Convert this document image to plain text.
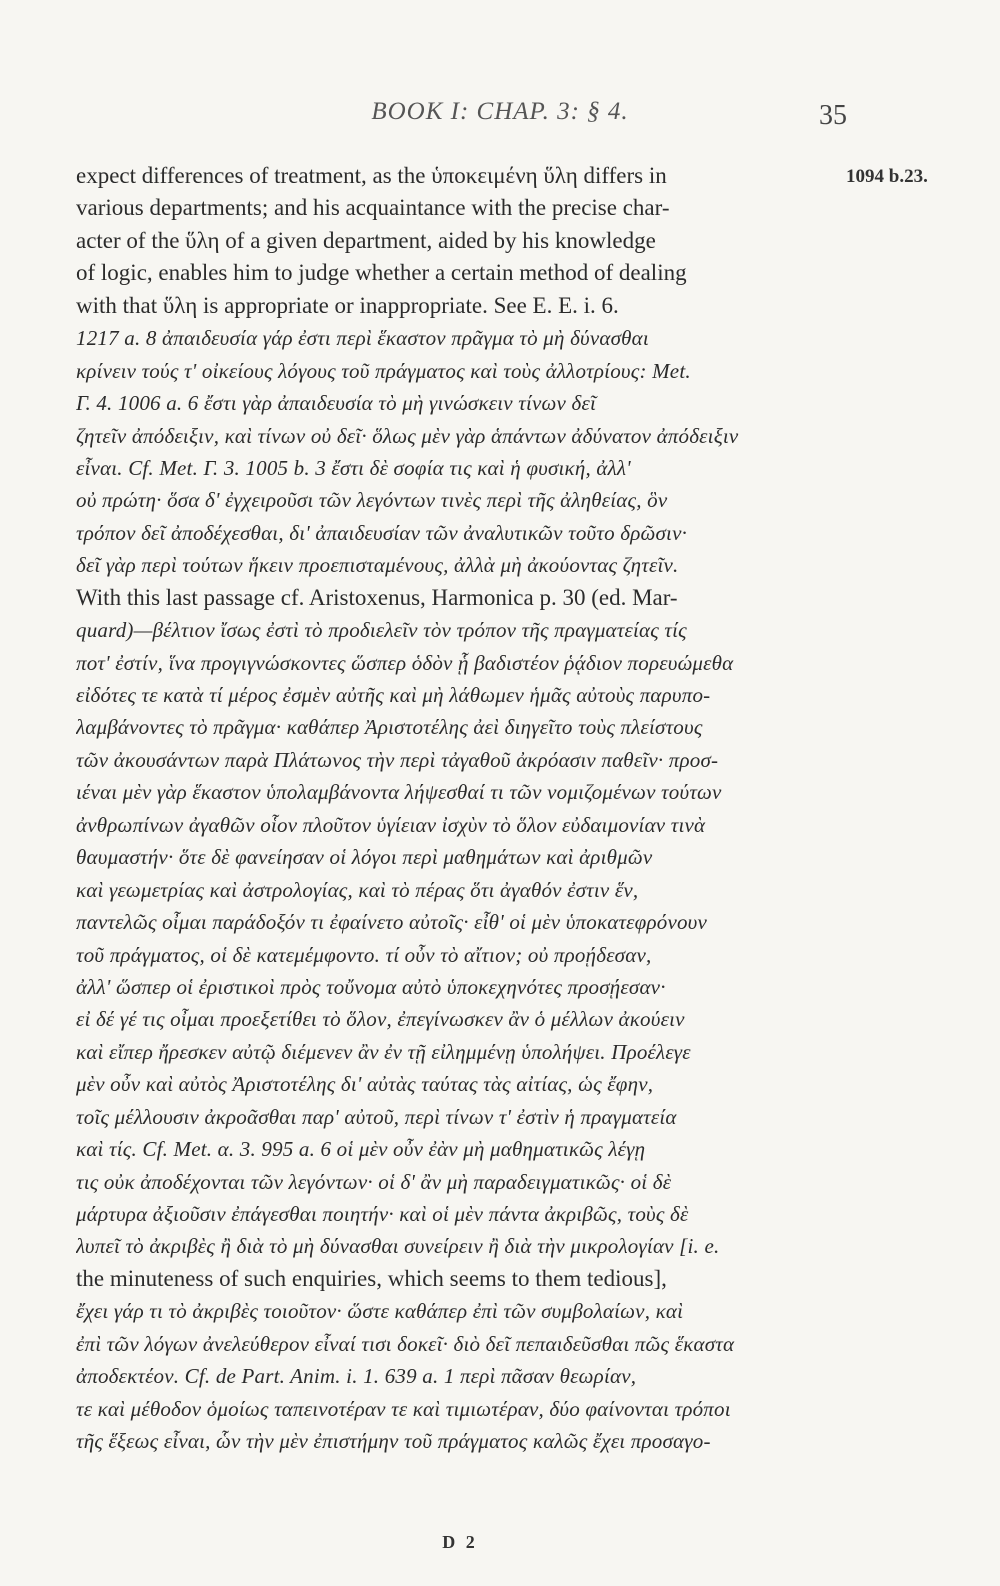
BOOK I: CHAP. 3: § 4.	35
1094 b.23.
expect differences of treatment, as the ὑποκειμένη ὕλη differs in
various departments; and his acquaintance with the precise char-
acter of the ὕλη of a given department, aided by his knowledge
of logic, enables him to judge whether a certain method of dealing
with that ὕλη is appropriate or inappropriate. See E. E. i. 6.
1217 a. 8 ἀπαιδευσία γάρ ἐστι περὶ ἕκαστον πρᾶγμα τὸ μὴ δύνασθαι
κρίνειν τούς τ' οἰκείους λόγους τοῦ πράγματος καὶ τοὺς ἀλλοτρίους: Met.
Γ. 4. 1006 a. 6 ἔστι γὰρ ἀπαιδευσία τὸ μὴ γινώσκειν τίνων δεῖ
ζητεῖν ἀπόδειξιν, καὶ τίνων οὐ δεῖ· ὅλως μὲν γὰρ ἁπάντων ἀδύνατον ἀπόδειξιν
εἶναι. Cf. Met. Γ. 3. 1005 b. 3 ἔστι δὲ σοφία τις καὶ ἡ φυσική, ἀλλ'
οὐ πρώτη· ὅσα δ' ἐγχειροῦσι τῶν λεγόντων τινὲς περὶ τῆς ἀληθείας, ὃν
τρόπον δεῖ ἀποδέχεσθαι, δι' ἀπαιδευσίαν τῶν ἀναλυτικῶν τοῦτο δρῶσιν·
δεῖ γὰρ περὶ τούτων ἥκειν προεπισταμένους, ἀλλὰ μὴ ἀκούοντας ζητεῖν.
With this last passage cf. Aristoxenus, Harmonica p. 30 (ed. Mar-
quard)—βέλτιον ἴσως ἐστὶ τὸ προδιελεῖν τὸν τρόπον τῆς πραγματείας τίς
ποτ' ἐστίν, ἵνα προγιγνώσκοντες ὥσπερ ὁδὸν ᾗ βαδιστέον ῥᾴδιον πορευώμεθα
εἰδότες τε κατὰ τί μέρος ἐσμὲν αὐτῆς καὶ μὴ λάθωμεν ἡμᾶς αὐτοὺς παρυπο-
λαμβάνοντες τὸ πρᾶγμα· καθάπερ Ἀριστοτέλης ἀεὶ διηγεῖτο τοὺς πλείστους
τῶν ἀκουσάντων παρὰ Πλάτωνος τὴν περὶ τἀγαθοῦ ἀκρόασιν παθεῖν· προσ-
ιέναι μὲν γὰρ ἕκαστον ὑπολαμβάνοντα λήψεσθαί τι τῶν νομιζομένων τούτων
ἀνθρωπίνων ἀγαθῶν οἷον πλοῦτον ὑγίειαν ἰσχὺν τὸ ὅλον εὐδαιμονίαν τινὰ
θαυμαστήν· ὅτε δὲ φανείησαν οἱ λόγοι περὶ μαθημάτων καὶ ἀριθμῶν
καὶ γεωμετρίας καὶ ἀστρολογίας, καὶ τὸ πέρας ὅτι ἀγαθόν ἐστιν ἕν,
παντελῶς οἶμαι παράδοξόν τι ἐφαίνετο αὐτοῖς· εἶθ' οἱ μὲν ὑποκατεφρόνουν
τοῦ πράγματος, οἱ δὲ κατεμέμφοντο. τί οὖν τὸ αἴτιον; οὐ προῄδεσαν,
ἀλλ' ὥσπερ οἱ ἐριστικοὶ πρὸς τοὔνομα αὐτὸ ὑποκεχηνότες προσῄεσαν·
εἰ δέ γέ τις οἶμαι προεξετίθει τὸ ὅλον, ἐπεγίνωσκεν ἂν ὁ μέλλων ἀκούειν
καὶ εἴπερ ἤρεσκεν αὐτῷ διέμενεν ἂν ἐν τῇ εἰλημμένῃ ὑπολήψει. Προέλεγε
μὲν οὖν καὶ αὐτὸς Ἀριστοτέλης δι' αὐτὰς ταύτας τὰς αἰτίας, ὡς ἔφην,
τοῖς μέλλουσιν ἀκροᾶσθαι παρ' αὐτοῦ, περὶ τίνων τ' ἐστὶν ἡ πραγματεία
καὶ τίς. Cf. Met. α. 3. 995 a. 6 οἱ μὲν οὖν ἐὰν μὴ μαθηματικῶς λέγῃ
τις οὐκ ἀποδέχονται τῶν λεγόντων· οἱ δ' ἂν μὴ παραδειγματικῶς· οἱ δὲ
μάρτυρα ἀξιοῦσιν ἐπάγεσθαι ποιητήν· καὶ οἱ μὲν πάντα ἀκριβῶς, τοὺς δὲ
λυπεῖ τὸ ἀκριβὲς ἢ διὰ τὸ μὴ δύνασθαι συνείρειν ἢ διὰ τὴν μικρολογίαν [i. e.
the minuteness of such enquiries, which seems to them tedious],
ἔχει γάρ τι τὸ ἀκριβὲς τοιοῦτον· ὥστε καθάπερ ἐπὶ τῶν συμβολαίων, καὶ
ἐπὶ τῶν λόγων ἀνελεύθερον εἶναί τισι δοκεῖ· διὸ δεῖ πεπαιδεῦσθαι πῶς ἕκαστα
ἀποδεκτέον. Cf. de Part. Anim. i. 1. 639 a. 1 περὶ πᾶσαν θεωρίαν,
τε καὶ μέθοδον ὁμοίως ταπεινοτέραν τε καὶ τιμιωτέραν, δύο φαίνονται τρόποι
τῆς ἕξεως εἶναι, ὧν τὴν μὲν ἐπιστήμην τοῦ πράγματος καλῶς ἔχει προσαγο-
D 2
